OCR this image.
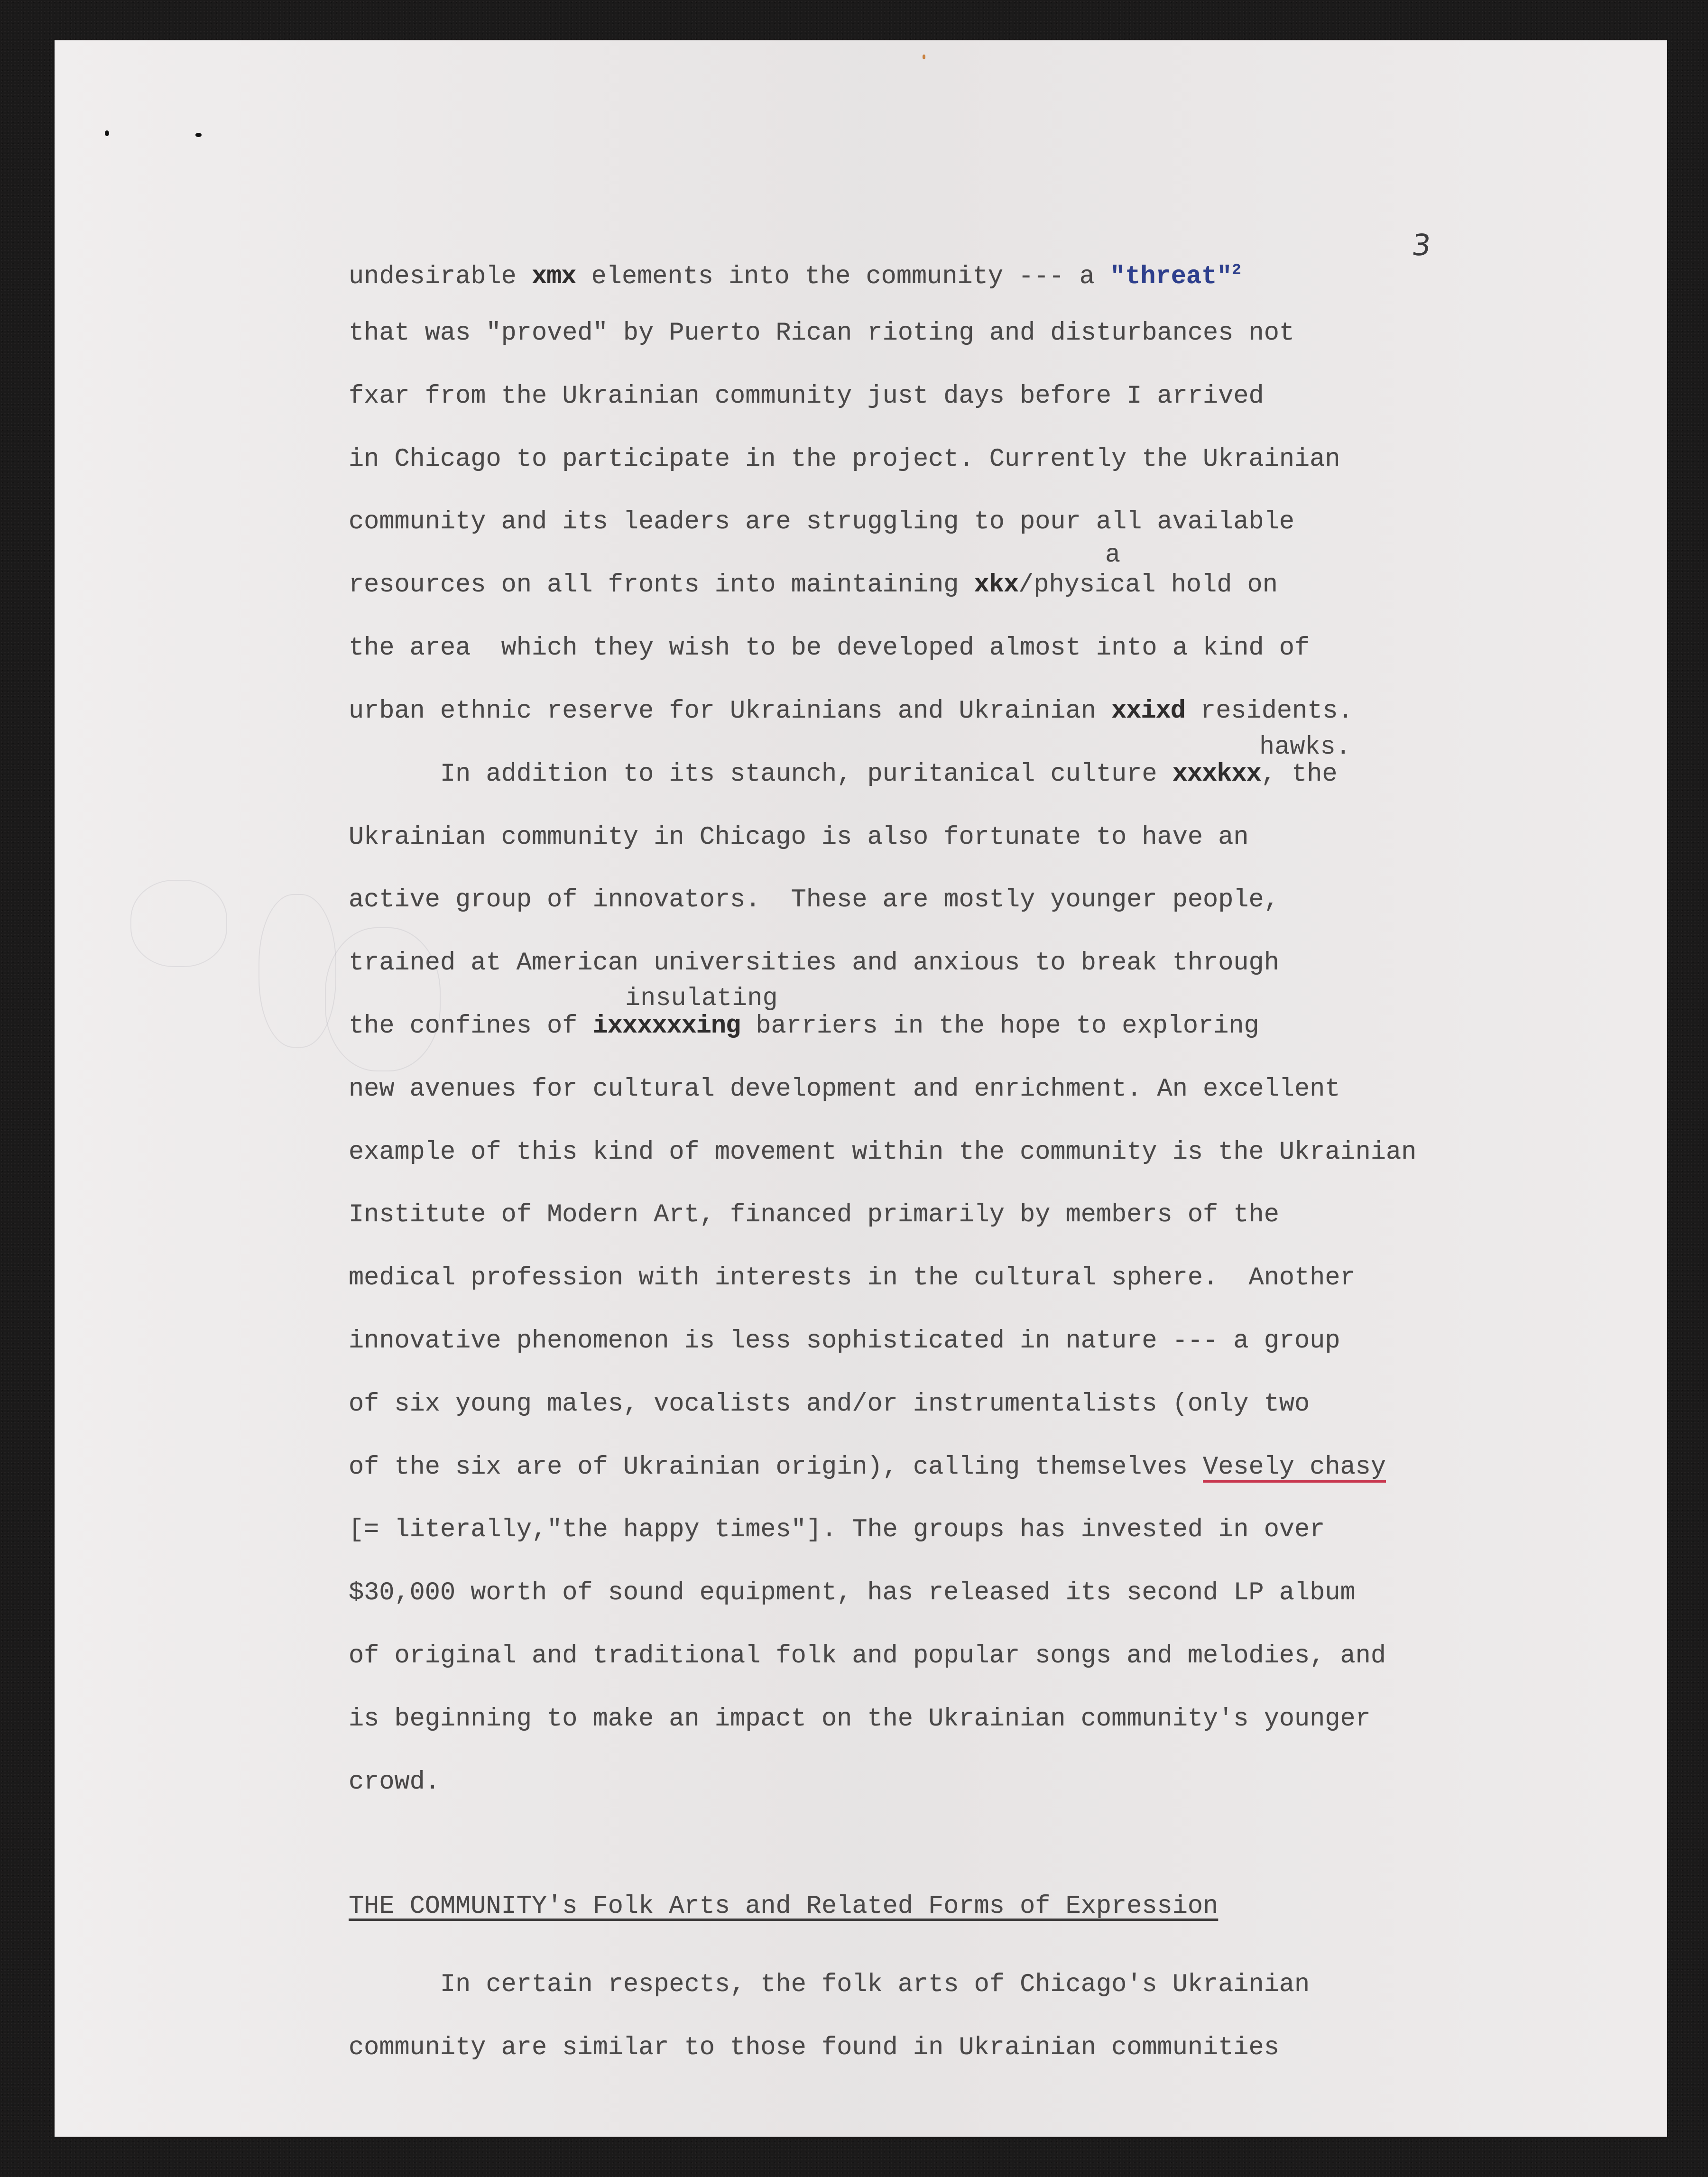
3
undesirable xmx elements into the community --- a "threat"$^2$
that was "proved" by Puerto Rican rioting and disturbances not
fxar from the Ukrainian community just days before I arrived
in Chicago to participate in the project. Currently the Ukrainian
community and its leaders are struggling to pour all available
a
resources on all fronts into maintaining xkx/physical hold on
the area  which they wish to be developed almost into a kind of
urban ethnic reserve for Ukrainians and Ukrainian xxixd residents.
hawks.
In addition to its staunch, puritanical culture xxxkxx, the
Ukrainian community in Chicago is also fortunate to have an
active group of innovators.  These are mostly younger people,
trained at American universities and anxious to break through
insulating
the confines of ixxxxxxing barriers in the hope to exploring
new avenues for cultural development and enrichment. An excellent
example of this kind of movement within the community is the Ukrainian
Institute of Modern Art, financed primarily by members of the
medical profession with interests in the cultural sphere.  Another
innovative phenomenon is less sophisticated in nature --- a group
of six young males, vocalists and/or instrumentalists (only two
of the six are of Ukrainian origin), calling themselves Vesely chasy
[= literally,"the happy times"]. The groups has invested in over
$30,000 worth of sound equipment, has released its second LP album
of original and traditional folk and popular songs and melodies, and
is beginning to make an impact on the Ukrainian community's younger
crowd.
THE COMMUNITY's Folk Arts and Related Forms of Expression
In certain respects, the folk arts of Chicago's Ukrainian
community are similar to those found in Ukrainian communities
